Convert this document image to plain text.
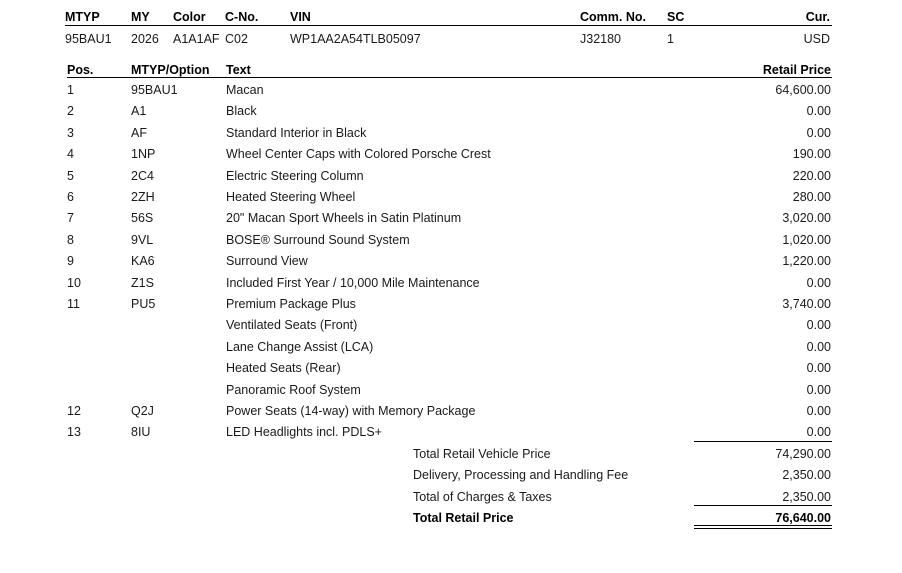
MTYP	MY Color C-No.	VIN	Comm. No. SC	Cur.
95BAU1 2026 A1A1AF C02	WP1AA2A54TLB05097	J32180	1	USD
Pos.	MTYP/Option Text	Retail Price
1	95BAU1	Macan	64,600.00
2	A1	Black	0.00
3	AF	Standard Interior in Black	0.00
4	1NP	Wheel Center Caps with Colored Porsche Crest	190.00
5	2C4	Electric Steering Column	220.00
6	2ZH	Heated Steering Wheel	280.00
7	56S	20" Macan Sport Wheels in Satin Platinum	3,020.00
8	9VL	BOSE® Surround Sound System	1,020.00
9	KA6	Surround View	1,220.00
10	Z1S	Included First Year / 10,000 Mile Maintenance	0.00
11	PU5	Premium Package Plus	3,740.00
Ventilated Seats (Front)	0.00
Lane Change Assist (LCA)	0.00
Heated Seats (Rear)	0.00
Panoramic Roof System	0.00
12	Q2J	Power Seats (14-way) with Memory Package	0.00
13	8IU	LED Headlights incl. PDLS+	0.00
Total Retail Vehicle Price	74,290.00
Delivery, Processing and Handling Fee	2,350.00
Total of Charges & Taxes	2,350.00
Total Retail Price	76,640.00
